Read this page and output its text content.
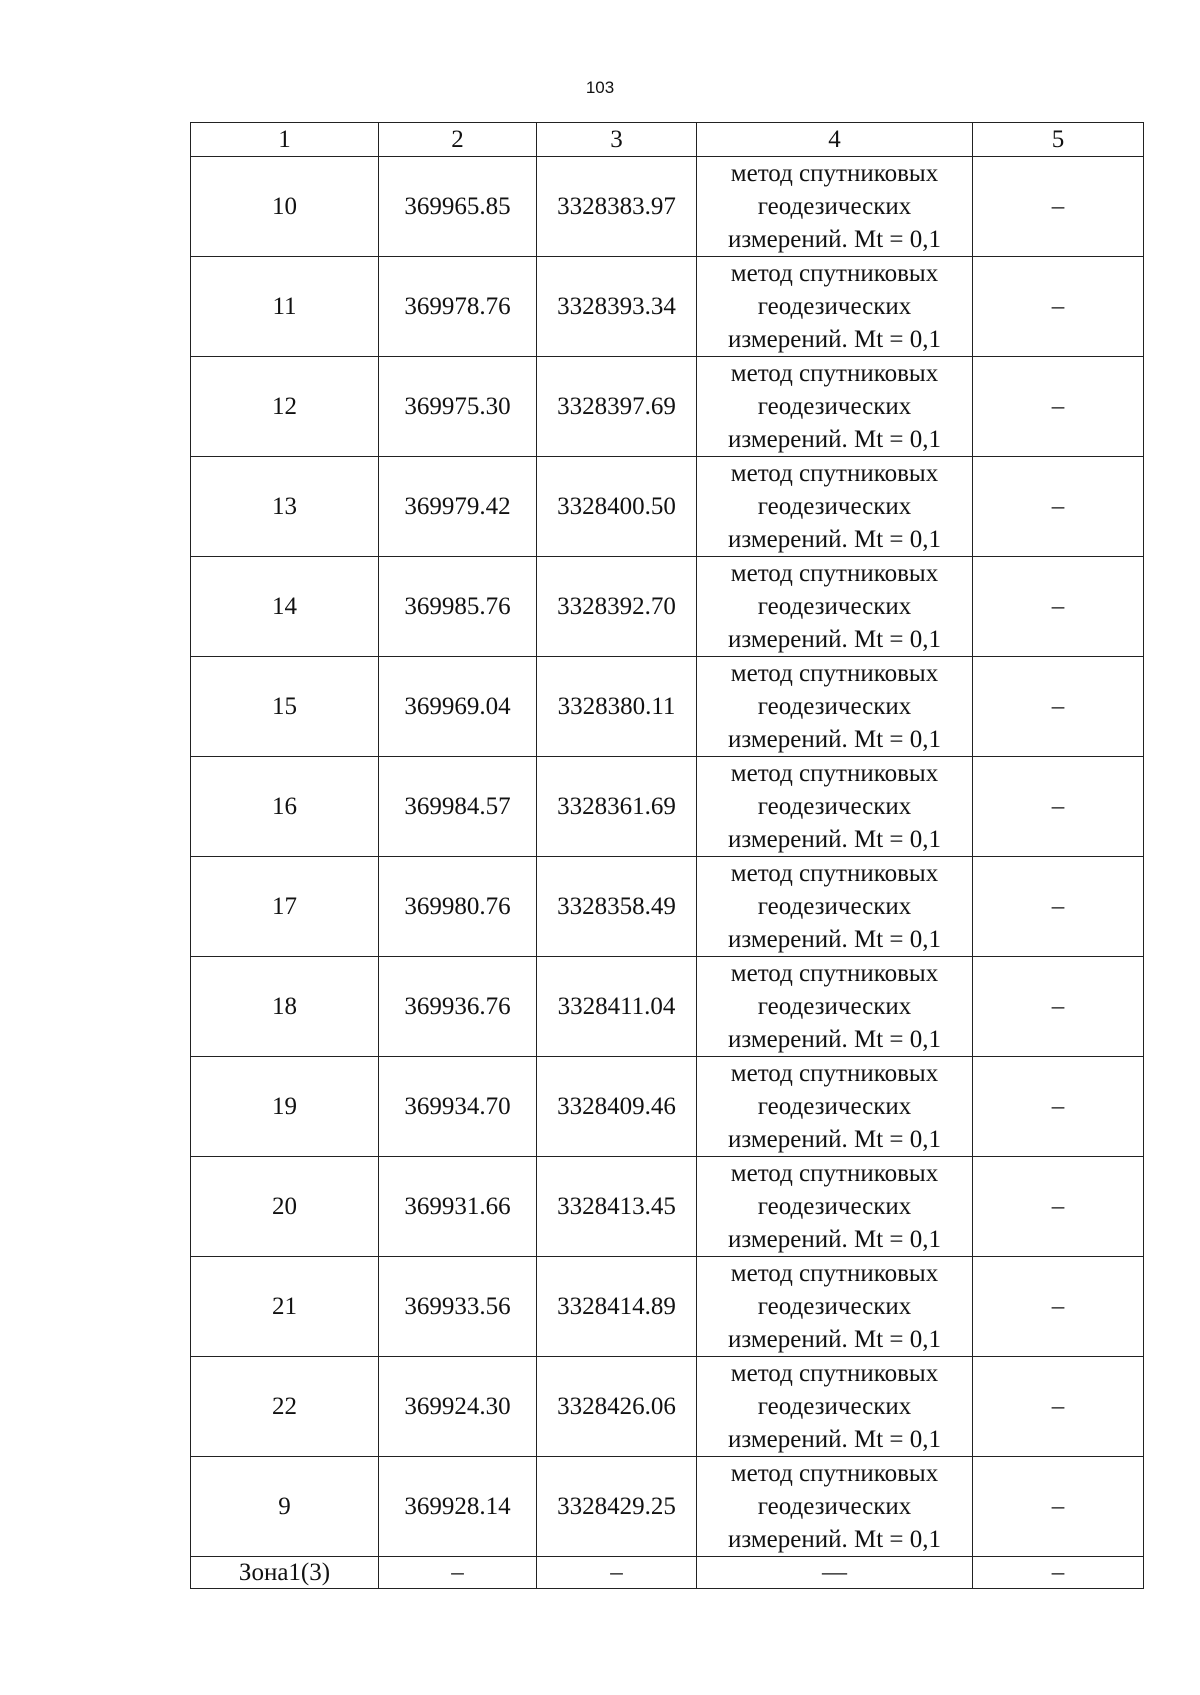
103
1	2	3	4	5
10	369965.85	3328383.97	метод спутниковых
геодезических
измерений. Mt = 0,1	–
11	369978.76	3328393.34	метод спутниковых
геодезических
измерений. Mt = 0,1	–
12	369975.30	3328397.69	метод спутниковых
геодезических
измерений. Mt = 0,1	–
13	369979.42	3328400.50	метод спутниковых
геодезических
измерений. Mt = 0,1	–
14	369985.76	3328392.70	метод спутниковых
геодезических
измерений. Mt = 0,1	–
15	369969.04	3328380.11	метод спутниковых
геодезических
измерений. Mt = 0,1	–
16	369984.57	3328361.69	метод спутниковых
геодезических
измерений. Mt = 0,1	–
17	369980.76	3328358.49	метод спутниковых
геодезических
измерений. Mt = 0,1	–
18	369936.76	3328411.04	метод спутниковых
геодезических
измерений. Mt = 0,1	–
19	369934.70	3328409.46	метод спутниковых
геодезических
измерений. Mt = 0,1	–
20	369931.66	3328413.45	метод спутниковых
геодезических
измерений. Mt = 0,1	–
21	369933.56	3328414.89	метод спутниковых
геодезических
измерений. Mt = 0,1	–
22	369924.30	3328426.06	метод спутниковых
геодезических
измерений. Mt = 0,1	–
9	369928.14	3328429.25	метод спутниковых
геодезических
измерений. Mt = 0,1	–
Зона1(3)	–	–	—	–
